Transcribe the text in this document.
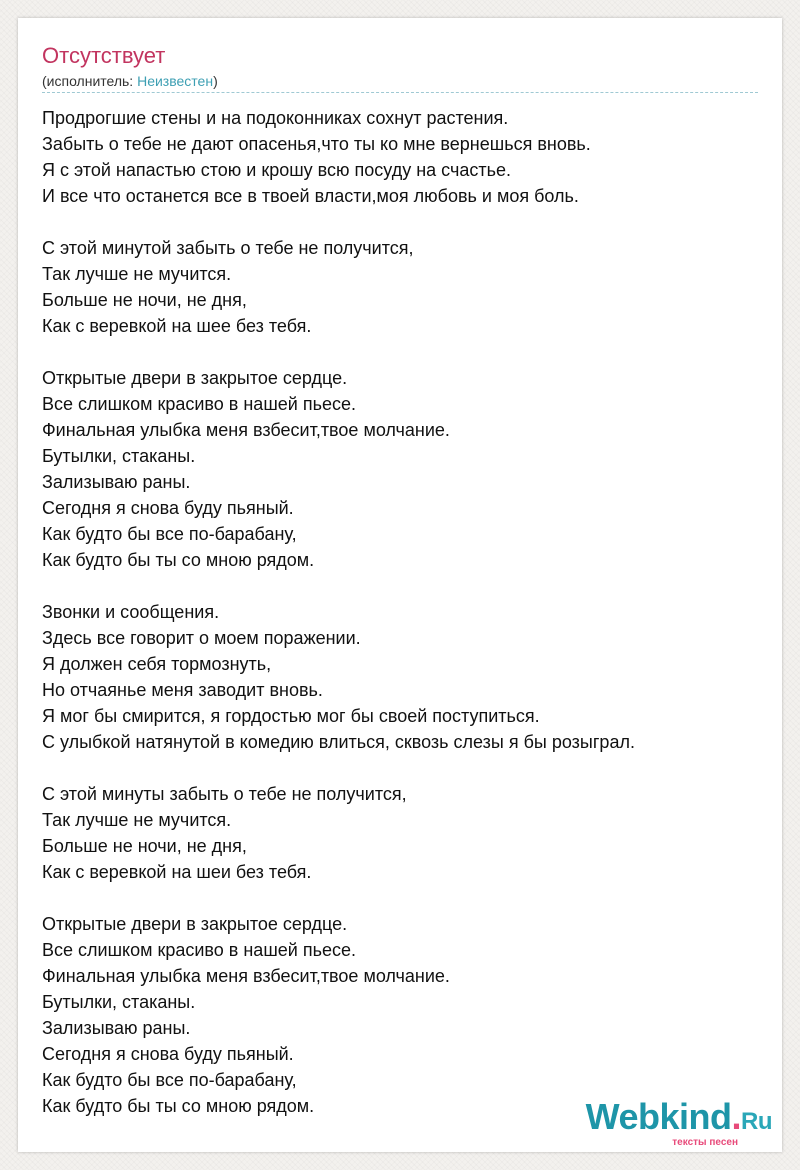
Отсутствует
(исполнитель: Неизвестен)
Продрогшие стены и на подоконниках сохнут растения.
Забыть о тебе не дают опасенья,что ты ко мне вернешься вновь.
Я с этой напастью стою и крошу всю посуду на счастье.
И все что останется все в твоей власти,моя любовь и моя боль.
С этой минутой забыть о тебе не получится,
Так лучше не мучится.
Больше не ночи, не дня,
Как с веревкой на шее без тебя.
Открытые двери в закрытое сердце.
Все слишком красиво в нашей пьесе.
Финальная улыбка меня взбесит,твое молчание.
Бутылки, стаканы.
Зализываю раны.
Сегодня я снова буду пьяный.
Как будто бы все по-барабану,
Как будто бы ты со мною рядом.
Звонки и сообщения.
Здесь все говорит о моем поражении.
Я должен себя тормознуть,
Но отчаянье меня заводит вновь.
Я мог бы смирится, я гордостью мог бы своей поступиться.
С улыбкой натянутой в комедию влиться, сквозь слезы я бы розыграл.
С этой минуты забыть о тебе не получится,
Так лучше не мучится.
Больше не ночи, не дня,
Как с веревкой на шеи без тебя.
Открытые двери в закрытое сердце.
Все слишком красиво в нашей пьесе.
Финальная улыбка меня взбесит,твое молчание.
Бутылки, стаканы.
Зализываю раны.
Сегодня я снова буду пьяный.
Как будто бы все по-барабану,
Как будто бы ты со мною рядом.	Webkind.Ru
тексты песен
